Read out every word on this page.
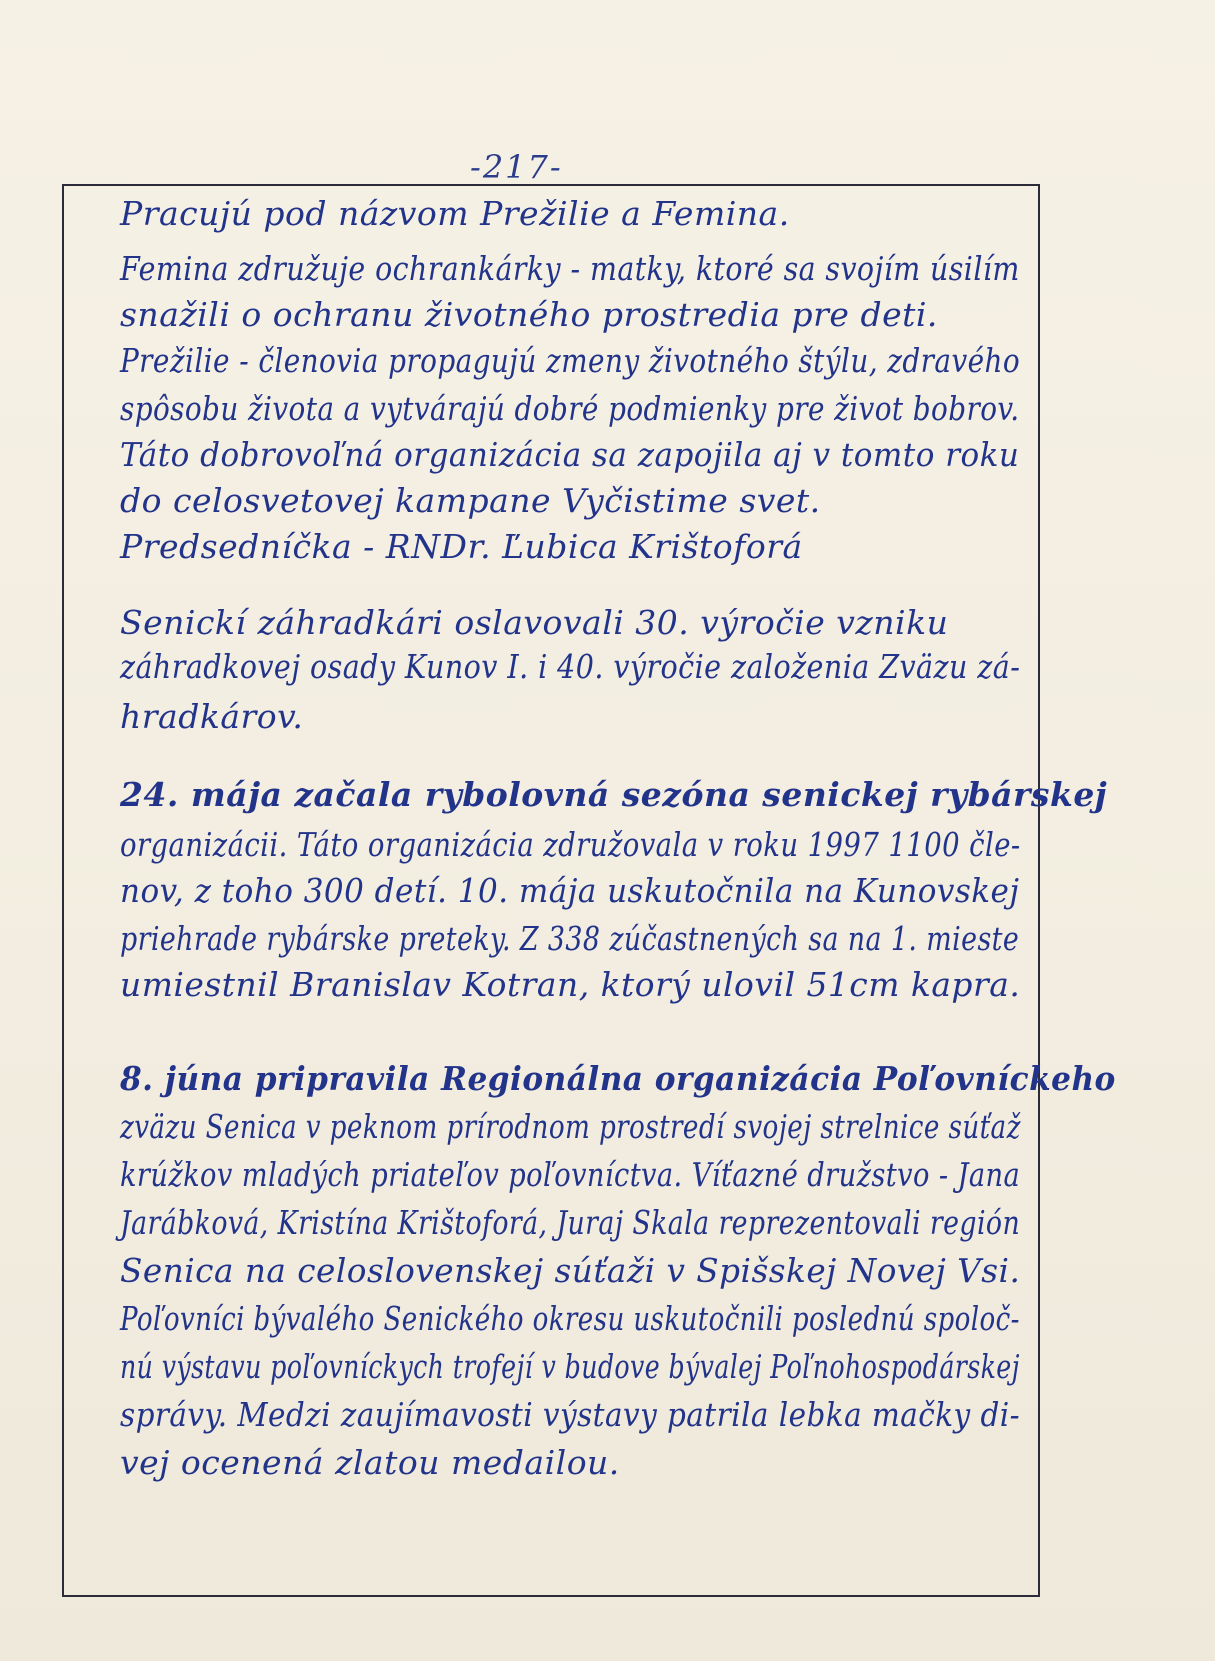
-217-
Pracujú pod názvom Prežilie a Femina.
Femina združuje ochrankárky - matky, ktoré sa svojím úsilím
snažili o ochranu životného prostredia pre deti.
Prežilie - členovia propagujú zmeny životného štýlu, zdravého
spôsobu života a vytvárajú dobré podmienky pre život bobrov.
Táto dobrovoľná organizácia sa zapojila aj v tomto roku
do celosvetovej kampane Vyčistime svet.
Predsedníčka - RNDr. Ľubica Krištoforá
Senickí záhradkári oslavovali 30. výročie vzniku
záhradkovej osady Kunov I. i 40. výročie založenia Zväzu zá-
hradkárov.
24. mája začala rybolovná sezóna senickej rybárskej
organizácii. Táto organizácia združovala v roku 1997 1100 čle-
nov, z toho 300 detí. 10. mája uskutočnila na Kunovskej
priehrade rybárske preteky. Z 338 zúčastnených sa na 1. mieste
umiestnil Branislav Kotran, ktorý ulovil 51cm kapra.
8. júna pripravila Regionálna organizácia Poľovníckeho
zväzu Senica v peknom prírodnom prostredí svojej strelnice súťaž
krúžkov mladých priateľov poľovníctva. Víťazné družstvo - Jana
Jarábková, Kristína Krištoforá, Juraj Skala reprezentovali región
Senica na celoslovenskej súťaži v Spišskej Novej Vsi.
Poľovníci bývalého Senického okresu uskutočnili poslednú spoloč-
nú výstavu poľovníckych trofejí v budove bývalej Poľnohospodárskej
správy. Medzi zaujímavosti výstavy patrila lebka mačky di-
vej ocenená zlatou medailou.
